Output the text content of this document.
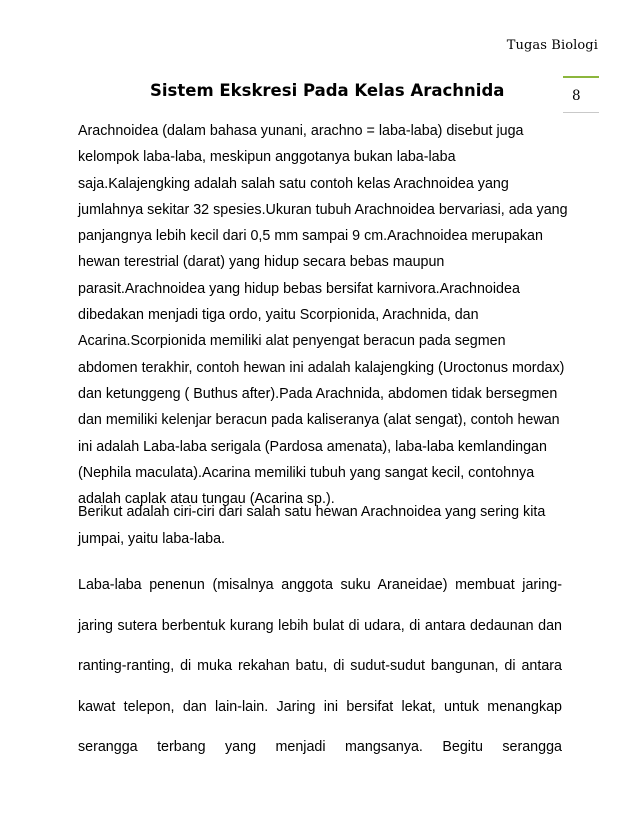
Tugas Biologi
Sistem Ekskresi Pada Kelas Arachnida	8

Arachnoidea (dalam bahasa yunani, arachno = laba-laba) disebut juga kelompok laba-laba, meskipun anggotanya bukan laba-laba saja.Kalajengking adalah salah satu contoh kelas Arachnoidea yang jumlahnya sekitar 32 spesies.Ukuran tubuh Arachnoidea bervariasi, ada yang panjangnya lebih kecil dari 0,5 mm sampai 9 cm.Arachnoidea merupakan hewan terestrial (darat) yang hidup secara bebas maupun parasit.Arachnoidea yang hidup bebas bersifat karnivora.Arachnoidea dibedakan menjadi tiga ordo, yaitu Scorpionida, Arachnida, dan Acarina.Scorpionida memiliki alat penyengat beracun pada segmen abdomen terakhir, contoh hewan ini adalah kalajengking (Uroctonus mordax) dan ketunggeng ( Buthus after).Pada Arachnida, abdomen tidak bersegmen dan memiliki kelenjar beracun pada kaliseranya (alat sengat), contoh hewan ini adalah Laba-laba serigala (Pardosa amenata), laba-laba kemlandingan (Nephila maculata).Acarina memiliki tubuh yang sangat kecil, contohnya adalah caplak atau tungau (Acarina sp.).

Berikut adalah ciri-ciri dari salah satu hewan Arachnoidea yang sering kita jumpai, yaitu laba-laba.

Laba-laba penenun (misalnya anggota suku Araneidae) membuat jaring-jaring sutera berbentuk kurang lebih bulat di udara, di antara dedaunan dan ranting-ranting, di muka rekahan batu, di sudut-sudut bangunan, di antara kawat telepon, dan lain-lain. Jaring ini bersifat lekat, untuk menangkap serangga terbang yang menjadi mangsanya. Begitu serangga
